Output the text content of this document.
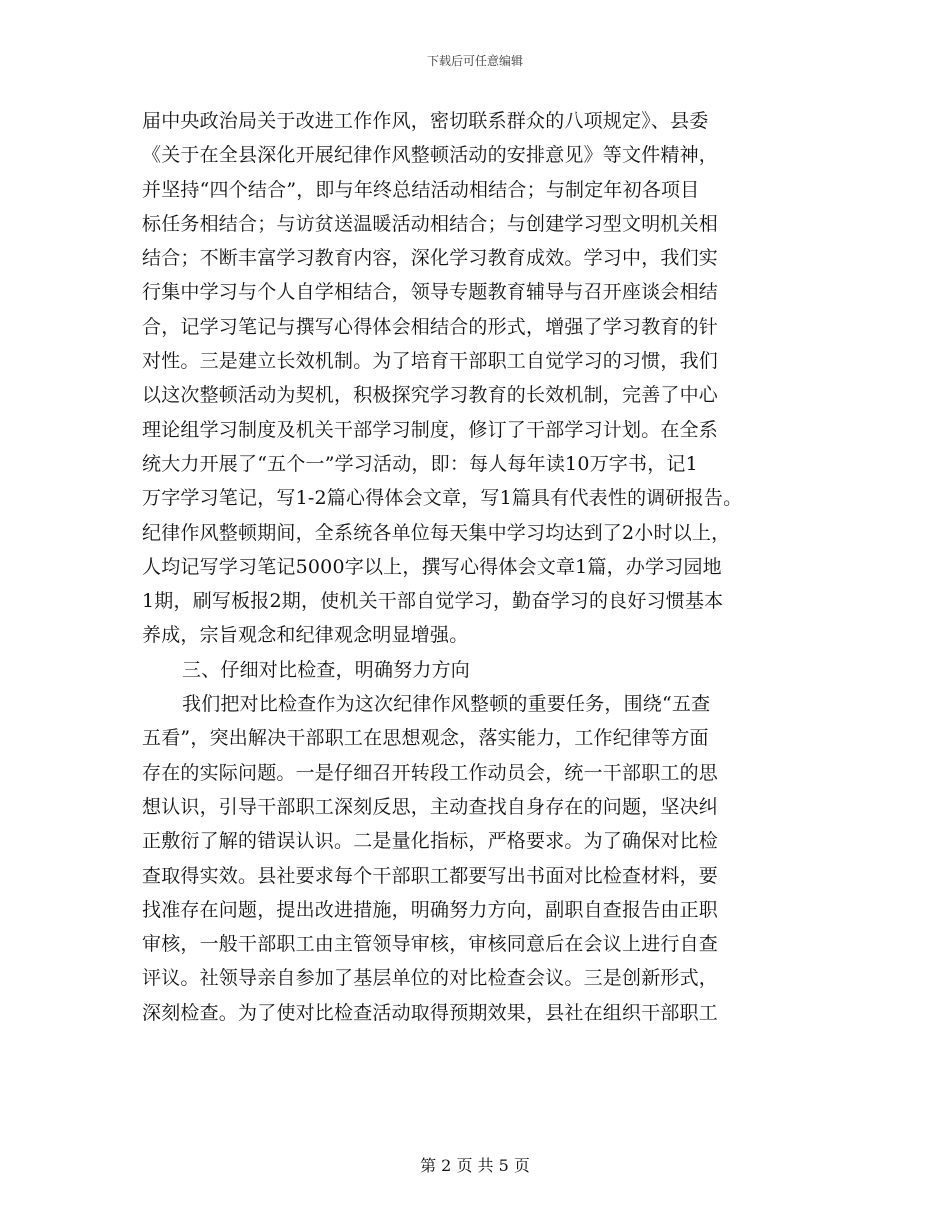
下载后可任意编辑
届中央政治局关于改进工作作风，密切联系群众的八项规定》、县委
《关于在全县深化开展纪律作风整顿活动的安排意见》等文件精神，
并坚持“四个结合”，即与年终总结活动相结合；与制定年初各项目
标任务相结合；与访贫送温暖活动相结合；与创建学习型文明机关相
结合；不断丰富学习教育内容，深化学习教育成效。学习中，我们实
行集中学习与个人自学相结合，领导专题教育辅导与召开座谈会相结
合，记学习笔记与撰写心得体会相结合的形式，增强了学习教育的针
对性。三是建立长效机制。为了培育干部职工自觉学习的习惯，我们
以这次整顿活动为契机，积极探究学习教育的长效机制，完善了中心
理论组学习制度及机关干部学习制度，修订了干部学习计划。在全系
统大力开展了“五个一”学习活动，即：每人每年读10万字书，记1
万字学习笔记，写1-2篇心得体会文章，写1篇具有代表性的调研报告。
纪律作风整顿期间，全系统各单位每天集中学习均达到了2小时以上，
人均记写学习笔记5000字以上，撰写心得体会文章1篇，办学习园地
1期，刷写板报2期，使机关干部自觉学习，勤奋学习的良好习惯基本
养成，宗旨观念和纪律观念明显增强。
三、仔细对比检查，明确努力方向
我们把对比检查作为这次纪律作风整顿的重要任务，围绕“五查
五看”，突出解决干部职工在思想观念，落实能力，工作纪律等方面
存在的实际问题。一是仔细召开转段工作动员会，统一干部职工的思
想认识，引导干部职工深刻反思，主动查找自身存在的问题，坚决纠
正敷衍了解的错误认识。二是量化指标，严格要求。为了确保对比检
查取得实效。县社要求每个干部职工都要写出书面对比检查材料，要
找准存在问题，提出改进措施，明确努力方向，副职自查报告由正职
审核，一般干部职工由主管领导审核，审核同意后在会议上进行自查
评议。社领导亲自参加了基层单位的对比检查会议。三是创新形式，
深刻检查。为了使对比检查活动取得预期效果，县社在组织干部职工
第 2 页 共 5 页
